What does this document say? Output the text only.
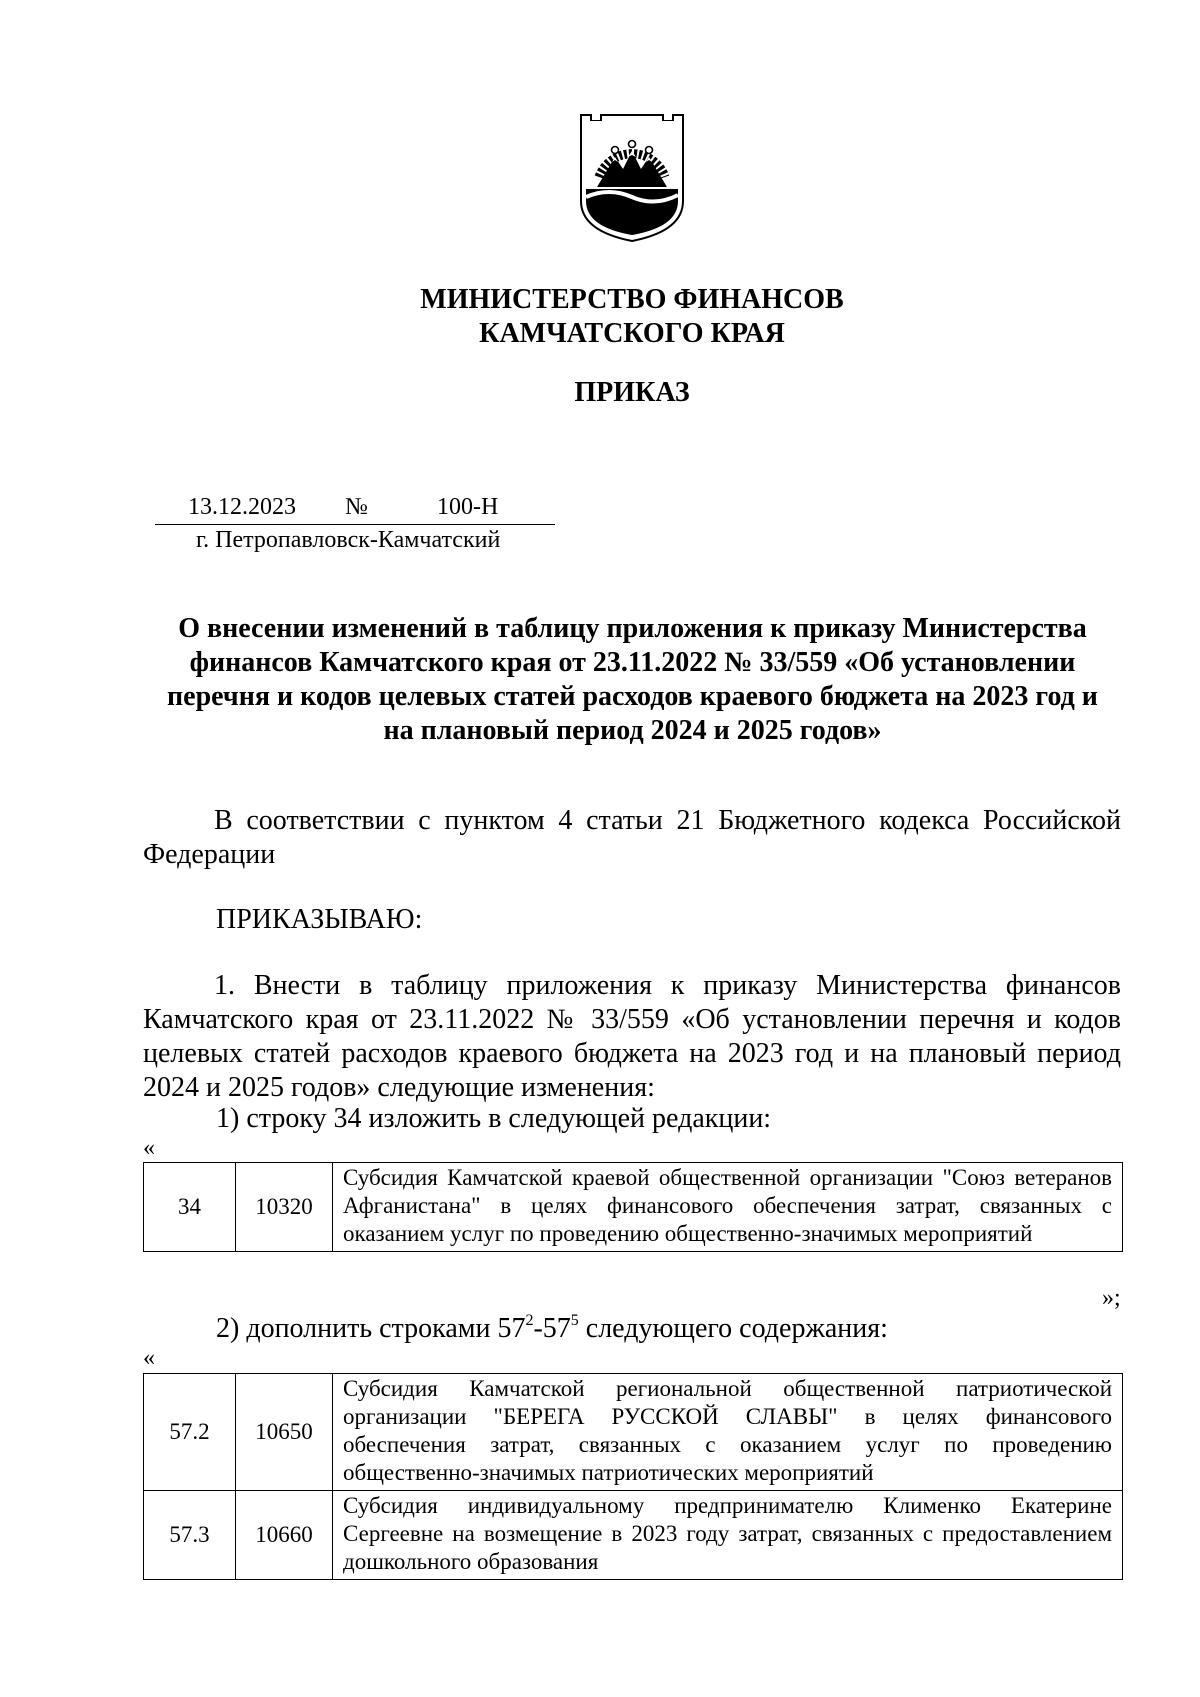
МИНИСТЕРСТВО ФИНАНСОВ
КАМЧАТСКОГО КРАЯ
ПРИКАЗ
13.12.2023 №	100-Н
г. Петропавловск-Камчатский
О внесении изменений в таблицу приложения к приказу Министерства финансов Камчатского края от 23.11.2022 № 33/559 «Об установлении перечня и кодов целевых статей расходов краевого бюджета на 2023 год и на плановый период 2024 и 2025 годов»
В соответствии с пунктом 4 статьи 21 Бюджетного кодекса Российской Федерации
ПРИКАЗЫВАЮ:
1. Внести в таблицу приложения к приказу Министерства финансов Камчатского края от 23.11.2022 № 33/559 «Об установлении перечня и кодов целевых статей расходов краевого бюджета на 2023 год и на плановый период 2024 и 2025 годов» следующие изменения:
1) строку 34 изложить в следующей редакции:
«
34	10320	Субсидия Камчатской краевой общественной организации "Союз ветеранов Афганистана" в целях финансового обеспечения затрат, связанных с оказанием услуг по проведению общественно-значимых мероприятий
»;
2) дополнить строками $57^2-57^5$ следующего содержания:
«
57.2	10650	Субсидия Камчатской региональной общественной патриотической организации "БЕРЕГА РУССКОЙ СЛАВЫ" в целях финансового обеспечения затрат, связанных с оказанием услуг по проведению общественно-значимых патриотических мероприятий
57.3	10660	Субсидия индивидуальному предпринимателю Клименко Екатерине Сергеевне на возмещение в 2023 году затрат, связанных с предоставлением дошкольного образования
